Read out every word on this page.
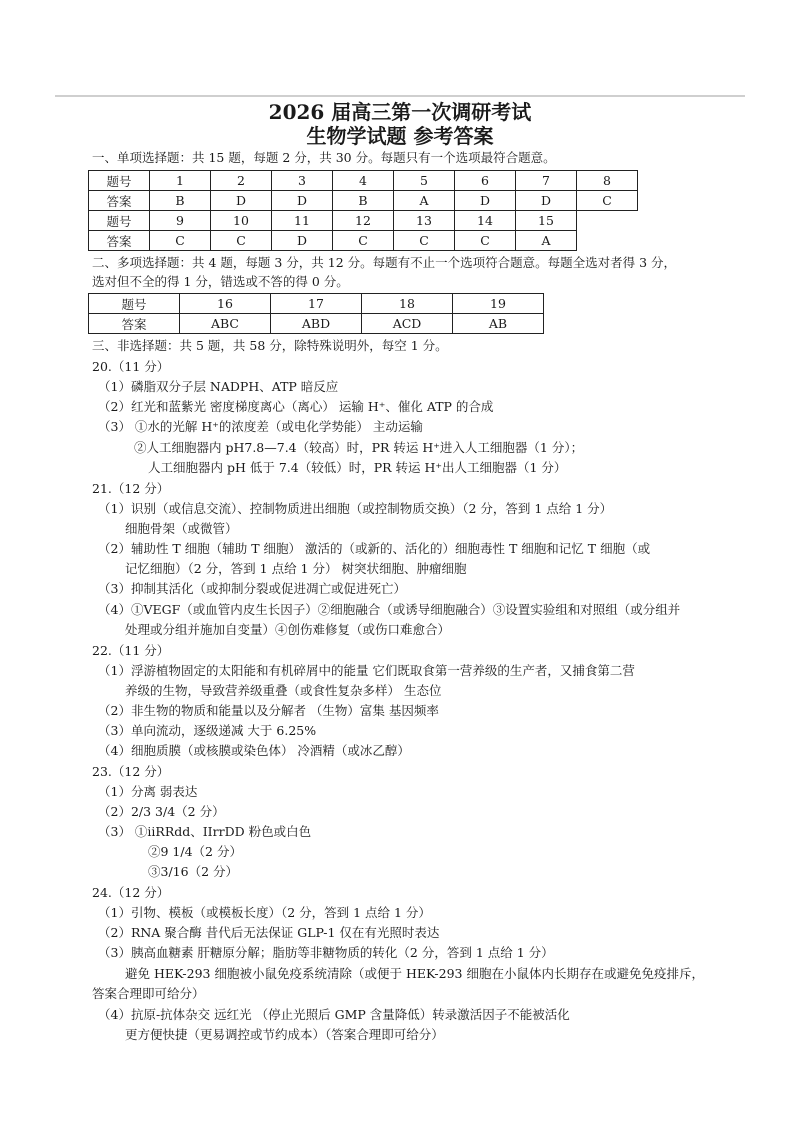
2026 届高三第一次调研考试
生物学试题 参考答案
一、单项选择题：共 15 题，每题 2 分，共 30 分。每题只有一个选项最符合题意。
题号	1	2	3	4	5	6	7	8
答案	B	D	D	B	A	D	D	C
题号	9	10	11	12	13	14	15	
答案	C	C	D	C	C	C	A	
二、多项选择题：共 4 题，每题 3 分，共 12 分。每题有不止一个选项符合题意。每题全选对者得 3 分，
选对但不全的得 1 分，错选或不答的得 0 分。
题号	16	17	18	19
答案	ABC	ABD	ACD	AB
三、非选择题：共 5 题，共 58 分，除特殊说明外，每空 1 分。
20.（11 分）
（1）磷脂双分子层 NADPH、ATP 暗反应
（2）红光和蓝紫光 密度梯度离心（离心） 运输 H⁺、催化 ATP 的合成
（3） ①水的光解 H⁺的浓度差（或电化学势能） 主动运输
②人工细胞器内 pH7.8—7.4（较高）时，PR 转运 H⁺进入人工细胞器（1 分）；
人工细胞器内 pH 低于 7.4（较低）时，PR 转运 H⁺出人工细胞器（1 分）
21.（12 分）
（1）识别（或信息交流）、控制物质进出细胞（或控制物质交换）（2 分，答到 1 点给 1 分）
细胞骨架（或微管）
（2）辅助性 T 细胞（辅助 T 细胞） 激活的（或新的、活化的）细胞毒性 T 细胞和记忆 T 细胞（或
记忆细胞）（2 分，答到 1 点给 1 分） 树突状细胞、肿瘤细胞
（3）抑制其活化（或抑制分裂或促进凋亡或促进死亡）
（4）①VEGF（或血管内皮生长因子）②细胞融合（或诱导细胞融合）③设置实验组和对照组（或分组并
处理或分组并施加自变量）④创伤难修复（或伤口难愈合）
22.（11 分）
（1）浮游植物固定的太阳能和有机碎屑中的能量 它们既取食第一营养级的生产者，又捕食第二营
养级的生物，导致营养级重叠（或食性复杂多样） 生态位
（2）非生物的物质和能量以及分解者 （生物）富集 基因频率
（3）单向流动，逐级递减 大于 6.25%
（4）细胞质膜（或核膜或染色体） 冷酒精（或冰乙醇）
23.（12 分）
（1）分离 弱表达
（2）2/3 3/4（2 分）
（3） ①iiRRdd、IIrrDD 粉色或白色
②9 1/4（2 分）
③3/16（2 分）
24.（12 分）
（1）引物、模板（或模板长度）（2 分，答到 1 点给 1 分）
（2）RNA 聚合酶 昔代后无法保证 GLP-1 仅在有光照时表达
（3）胰高血糖素 肝糖原分解；脂肪等非糖物质的转化（2 分，答到 1 点给 1 分）
避免 HEK-293 细胞被小鼠免疫系统清除（或便于 HEK-293 细胞在小鼠体内长期存在或避免免疫排斥，
答案合理即可给分）
（4）抗原-抗体杂交 远红光 （停止光照后 GMP 含量降低）转录激活因子不能被活化
更方便快捷（更易调控或节约成本）（答案合理即可给分）
